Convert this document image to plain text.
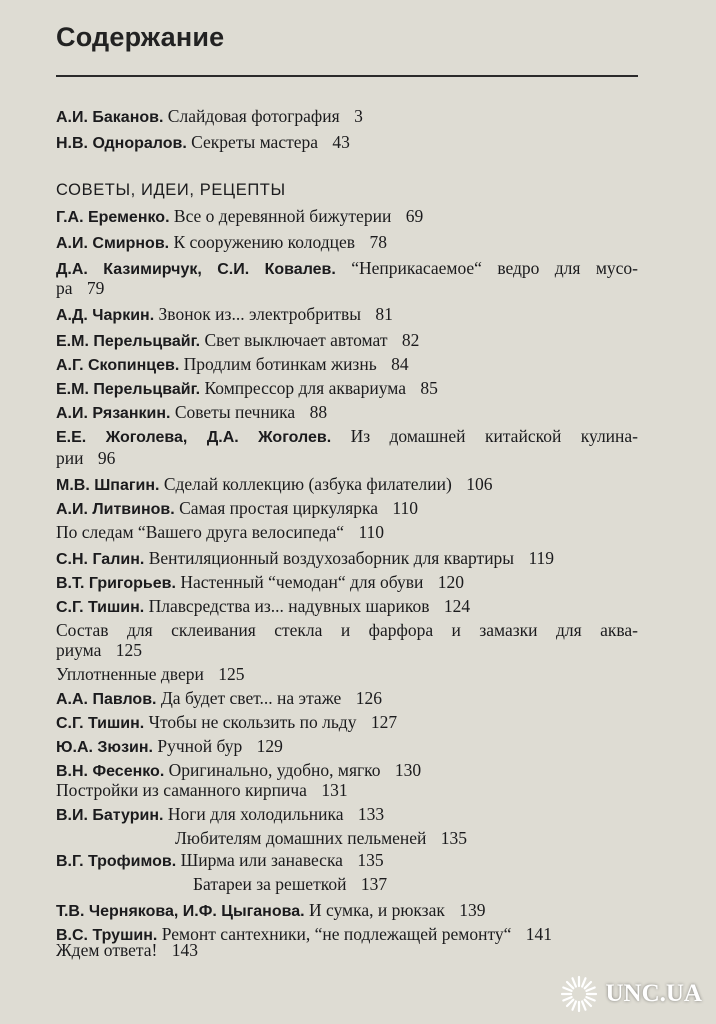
Содержание
А.И. Баканов. Слайдовая фотография 3
Н.В. Одноралов. Секреты мастера 43
СОВЕТЫ, ИДЕИ, РЕЦЕПТЫ
Г.А. Еременко. Все о деревянной бижутерии 69
А.И. Смирнов. К сооружению колодцев 78
Д.А. Казимирчук, С.И. Ковалев. “Неприкасаемое“ ведро для мусо-
ра 79
А.Д. Чаркин. Звонок из... электробритвы 81
Е.М. Перельцвайг. Свет выключает автомат 82
А.Г. Скопинцев. Продлим ботинкам жизнь 84
Е.М. Перельцвайг. Компрессор для аквариума 85
А.И. Рязанкин. Советы печника 88
Е.Е. Жоголева, Д.А. Жоголев. Из домашней китайской кулина-
рии 96
М.В. Шпагин. Сделай коллекцию (азбука филателии) 106
А.И. Литвинов. Самая простая циркулярка 110
По следам “Вашего друга велосипеда“ 110
С.Н. Галин. Вентиляционный воздухозаборник для квартиры 119
В.Т. Григорьев. Настенный “чемодан“ для обуви 120
С.Г. Тишин. Плавсредства из... надувных шариков 124
Состав для склеивания стекла и фарфора и замазки для аква-
риума 125
Уплотненные двери 125
А.А. Павлов. Да будет свет... на этаже 126
С.Г. Тишин. Чтобы не скользить по льду 127
Ю.А. Зюзин. Ручной бур 129
В.Н. Фесенко. Оригинально, удобно, мягко 130
Постройки из саманного кирпича 131
В.И. Батурин. Ноги для холодильника 133
Любителям домашних пельменей 135
В.Г. Трофимов. Ширма или занавеска 135
Батареи за решеткой 137
Т.В. Чернякова, И.Ф. Цыганова. И сумка, и рюкзак 139
В.С. Трушин. Ремонт сантехники, “не подлежащей ремонту“ 141
Ждем ответа! 143
UNC.UA
